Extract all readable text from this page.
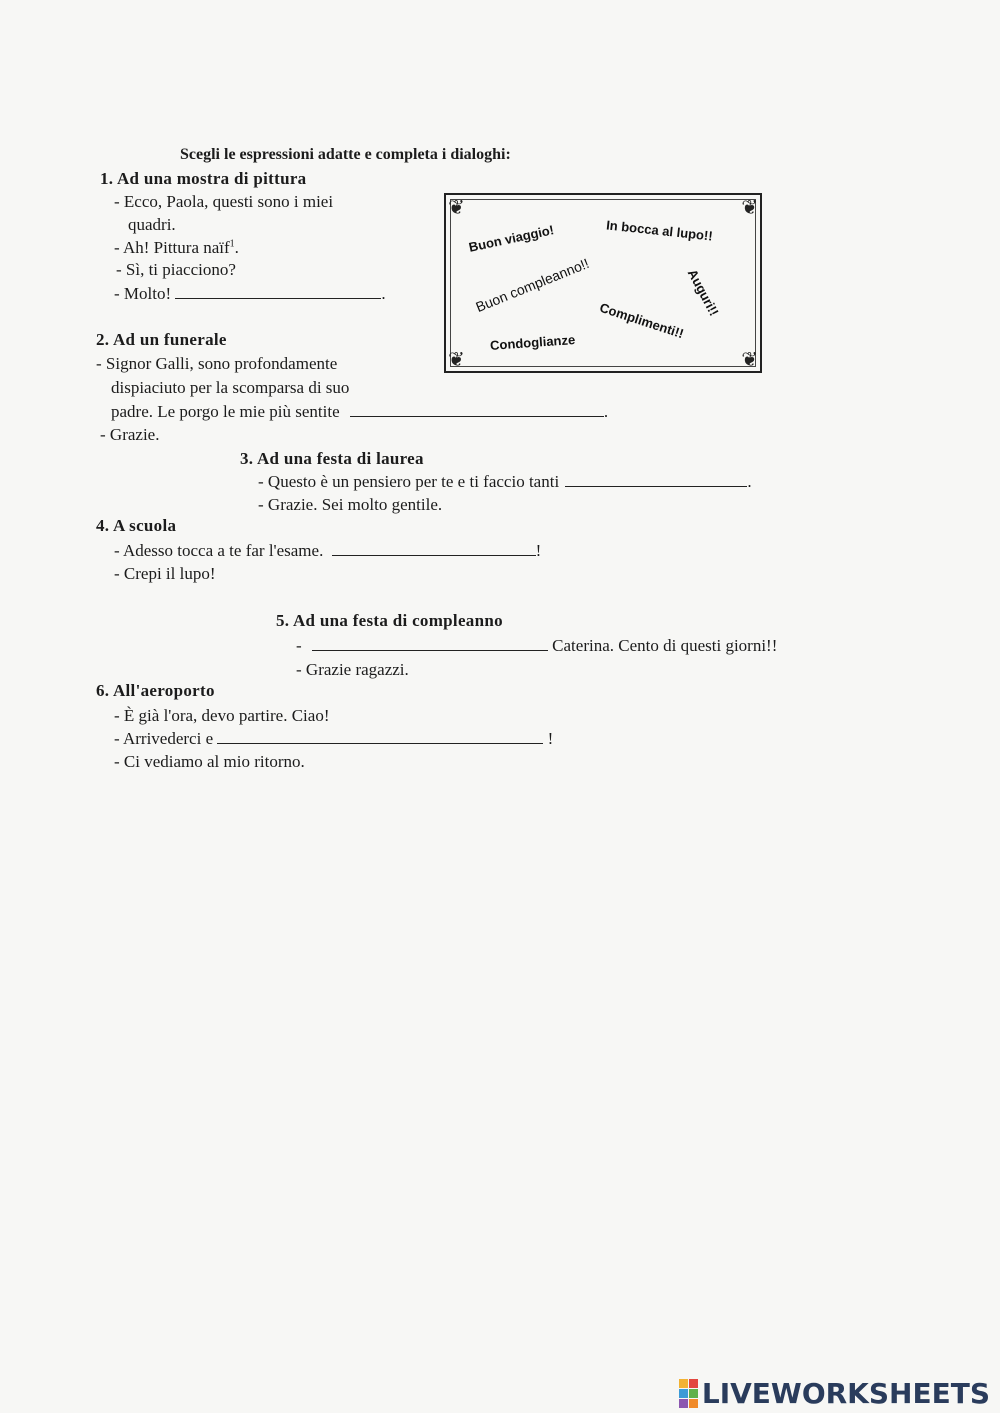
Scegli le espressioni adatte e completa i dialoghi:
1. Ad una mostra di pittura
- Ecco, Paola, questi sono i miei
quadri.
- Ah! Pittura naïf$^1$.
- Sì, ti piacciono?
- Molto!	.
❦	❦
❦	❦
Buon viaggio!	In bocca al lupo!!
Buon compleanno!!	Auguri!!
Complimenti!!
Condoglianze
2. Ad un funerale
- Signor Galli, sono profondamente
dispiaciuto per la scomparsa di suo
padre. Le porgo le mie più sentite	.
- Grazie.
3. Ad una festa di laurea
- Questo è un pensiero per te e ti faccio tanti	.
- Grazie. Sei molto gentile.
4. A scuola
- Adesso tocca a te far l'esame.	!
- Crepi il lupo!
5. Ad una festa di compleanno
-	Caterina. Cento di questi giorni!!
- Grazie ragazzi.
6. All'aeroporto
- È già l'ora, devo partire. Ciao!
- Arrivederci e	!
- Ci vediamo al mio ritorno.
LIVEWORKSHEETS
